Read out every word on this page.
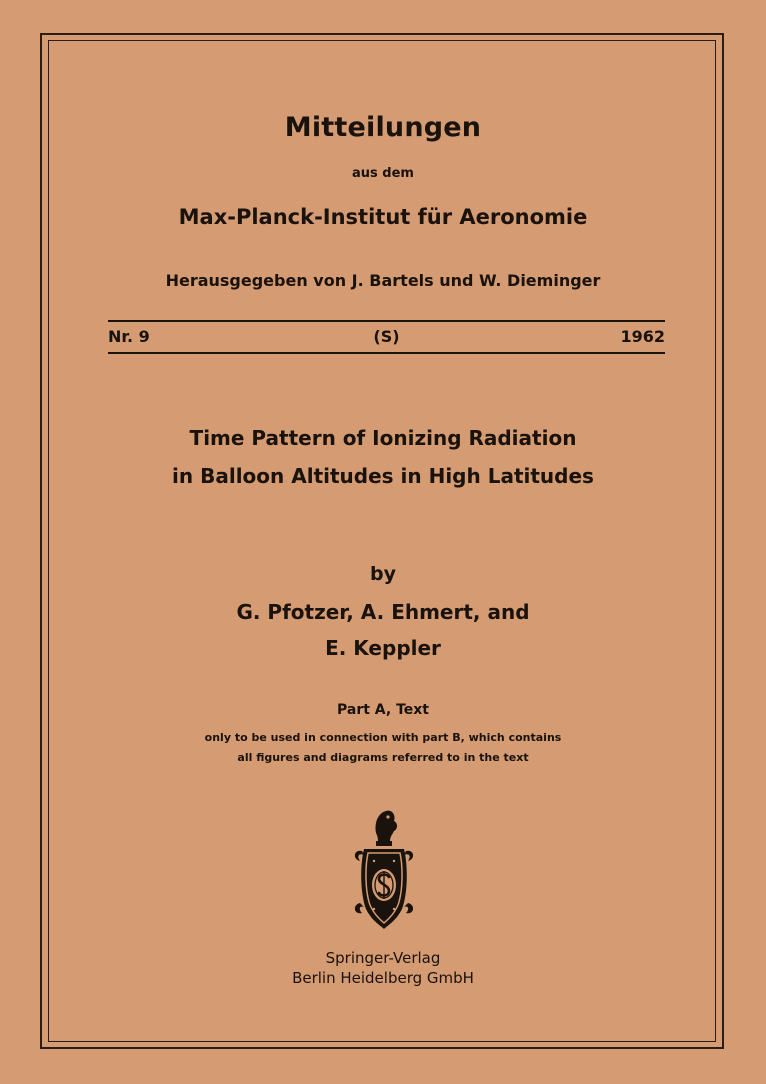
Mitteilungen
aus dem
Max-Planck-Institut für Aeronomie
Herausgegeben von J. Bartels und W. Dieminger
Nr. 9	(S)	1962
Time Pattern of Ionizing Radiation
in Balloon Altitudes in High Latitudes
by
G. Pfotzer, A. Ehmert, and
E. Keppler
Part A, Text
only to be used in connection with part B, which contains
all figures and diagrams referred to in the text
Springer-Verlag
Berlin Heidelberg GmbH
